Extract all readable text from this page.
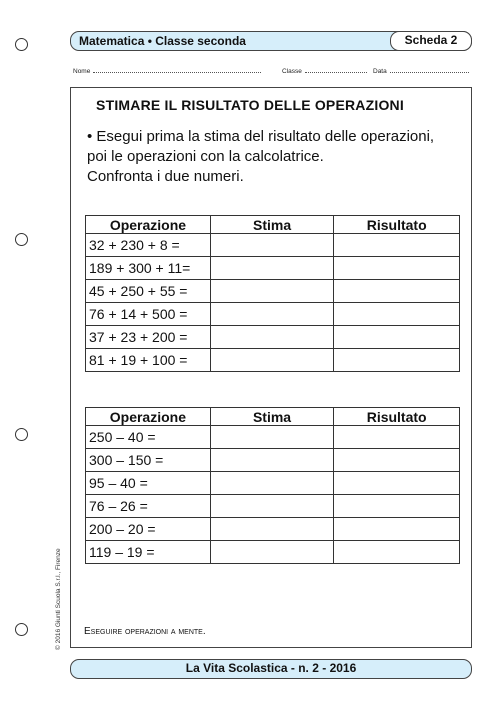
Matematica • Classe seconda	Scheda 2
Nome	Classe	Data
STIMARE IL RISULTATO DELLE OPERAZIONI

• Esegui prima la stima del risultato delle operazioni,

poi le operazioni con la calcolatrice.

Confronta i due numeri.

Operazione	Stima	Risultato
32 + 230 + 8 =		
189 + 300 + 11=		
45 + 250 + 55 =		
76 + 14 + 500 =		
37 + 23 + 200 =		
81 + 19 + 100 =		
Operazione	Stima	Risultato
250 – 40 =		
300 – 150 =		
95 – 40 =		
76 – 26 =		
200 – 20 =		
119 – 19 =		
© 2016 Giunti Scuola S.r.l., Firenze Eseguire operazioni a mente.
La Vita Scolastica - n. 2 - 2016
